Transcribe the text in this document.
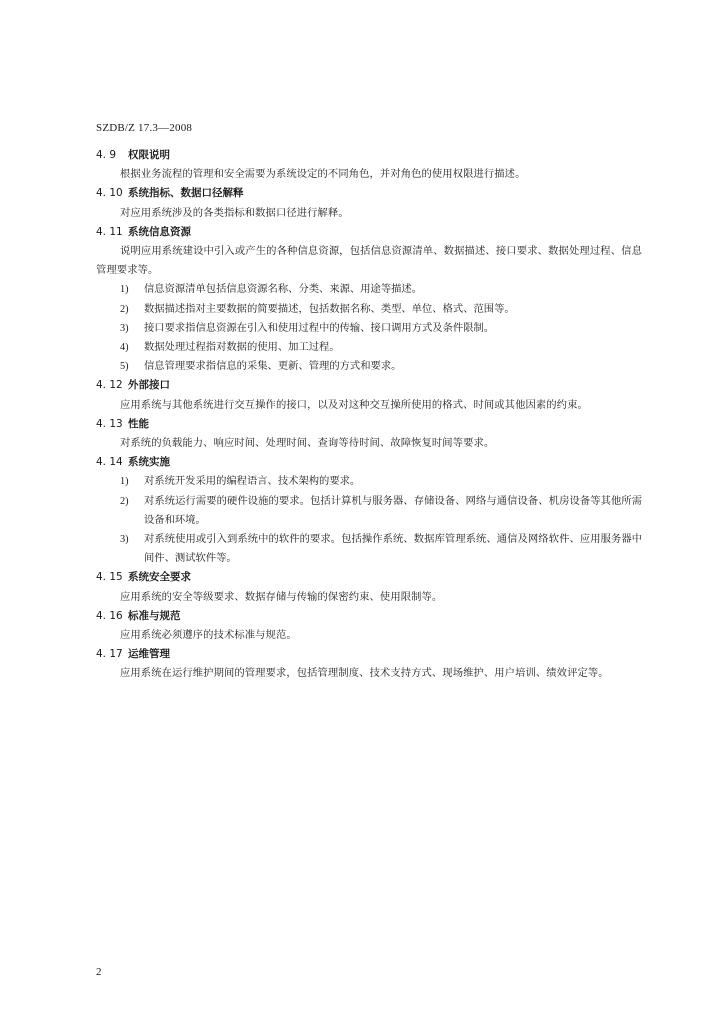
SZDB/Z 17.3—2008
4. 9 权限说明
根据业务流程的管理和安全需要为系统设定的不同角色，并对角色的使用权限进行描述。
4. 10 系统指标、数据口径解释
对应用系统涉及的各类指标和数据口径进行解释。
4. 11 系统信息资源
说明应用系统建设中引入或产生的各种信息资源，包括信息资源清单、数据描述、接口要求、数据处理过程、信息管理要求等。
1) 信息资源清单包括信息资源名称、分类、来源、用途等描述。
2) 数据描述指对主要数据的简要描述，包括数据名称、类型、单位、格式、范围等。
3) 接口要求指信息资源在引入和使用过程中的传输、接口调用方式及条件限制。
4) 数据处理过程指对数据的使用、加工过程。
5) 信息管理要求指信息的采集、更新、管理的方式和要求。
4. 12 外部接口
应用系统与其他系统进行交互操作的接口，以及对这种交互操所使用的格式、时间或其他因素的约束。
4. 13 性能
对系统的负载能力、响应时间、处理时间、查询等待时间、故障恢复时间等要求。
4. 14 系统实施
1) 对系统开发采用的编程语言、技术架构的要求。
2) 对系统运行需要的硬件设施的要求。包括计算机与服务器、存储设备、网络与通信设备、机房设备等其他所需设备和环境。
3) 对系统使用或引入到系统中的软件的要求。包括操作系统、数据库管理系统、通信及网络软件、应用服务器中间件、测试软件等。
4. 15 系统安全要求
应用系统的安全等级要求、数据存储与传输的保密约束、使用限制等。
4. 16 标准与规范
应用系统必须遵序的技术标准与规范。
4. 17 运维管理
应用系统在运行维护期间的管理要求，包括管理制度、技术支持方式、现场维护、用户培训、绩效评定等。
2
